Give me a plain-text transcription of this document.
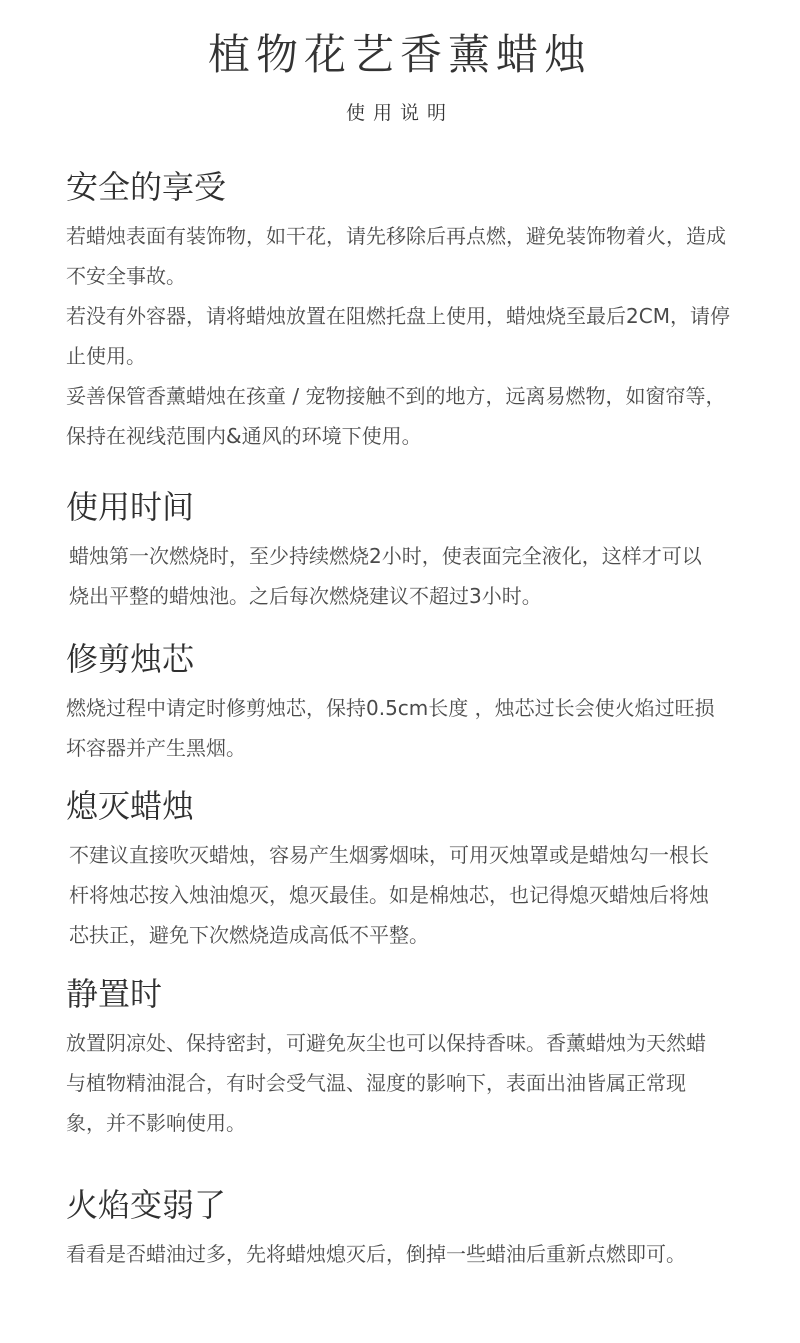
植物花艺香薰蜡烛
使用说明
安全的享受

若蜡烛表面有装饰物，如干花，请先移除后再点燃，避免装饰物着火，造成不安全事故。

若没有外容器，请将蜡烛放置在阻燃托盘上使用，蜡烛烧至最后2CM，请停止使用。

妥善保管香薰蜡烛在孩童 / 宠物接触不到的地方，远离易燃物，如窗帘等，保持在视线范围内&通风的环境下使用。

使用时间

蜡烛第一次燃烧时，至少持续燃烧2小时，使表面完全液化，这样才可以烧出平整的蜡烛池。之后每次燃烧建议不超过3小时。

修剪烛芯

燃烧过程中请定时修剪烛芯，保持0.5cm长度 ，烛芯过长会使火焰过旺损坏容器并产生黑烟。

熄灭蜡烛

不建议直接吹灭蜡烛，容易产生烟雾烟味，可用灭烛罩或是蜡烛勾一根长杆将烛芯按入烛油熄灭，熄灭最佳。如是棉烛芯，也记得熄灭蜡烛后将烛芯扶正，避免下次燃烧造成高低不平整。

静置时

放置阴凉处、保持密封，可避免灰尘也可以保持香味。香薰蜡烛为天然蜡与植物精油混合，有时会受气温、湿度的影响下，表面出油皆属正常现象，并不影响使用。

火焰变弱了

看看是否蜡油过多，先将蜡烛熄灭后，倒掉一些蜡油后重新点燃即可。
